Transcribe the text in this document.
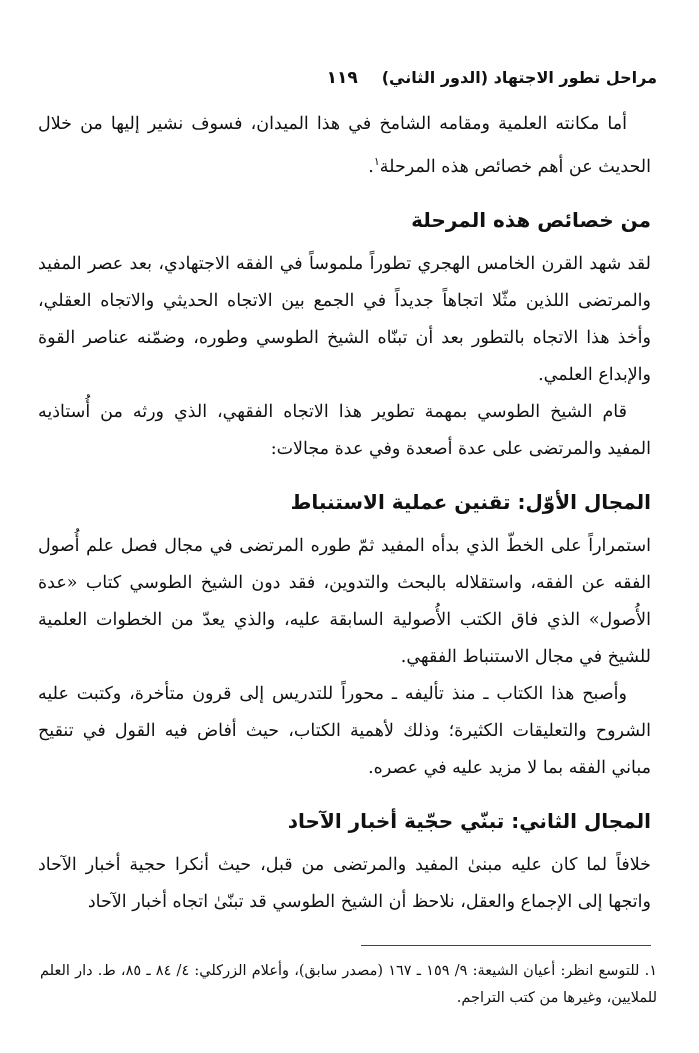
مراحل تطور الاجتهاد (الدور الثاني)
١١٩

أما مكانته العلمية ومقامه الشامخ في هذا الميدان، فسوف نشير إليها من خلال الحديث عن أهم خصائص هذه المرحلة$^١$.

من خصائص هذه المرحلة

لقد شهد القرن الخامس الهجري تطوراً ملموساً في الفقه الاجتهادي، بعد عصر المفيد والمرتضى اللذين مثّلا اتجاهاً جديداً في الجمع بين الاتجاه الحديثي والاتجاه العقلي، وأخذ هذا الاتجاه بالتطور بعد أن تبنّاه الشيخ الطوسي وطوره، وضمّنه عناصر القوة والإبداع العلمي.

قام الشيخ الطوسي بمهمة تطوير هذا الاتجاه الفقهي، الذي ورثه من أُستاذيه المفيد والمرتضى على عدة أصعدة وفي عدة مجالات:

المجال الأوّل: تقنين عملية الاستنباط

استمراراً على الخطّ الذي بدأه المفيد ثمّ طوره المرتضى في مجال فصل علم أُصول الفقه عن الفقه، واستقلاله بالبحث والتدوين، فقد دون الشيخ الطوسي كتاب «عدة الأُصول» الذي فاق الكتب الأُصولية السابقة عليه، والذي يعدّ من الخطوات العلمية للشيخ في مجال الاستنباط الفقهي.

وأصبح هذا الكتاب ـ منذ تأليفه ـ محوراً للتدريس إلى قرون متأخرة، وكتبت عليه الشروح والتعليقات الكثيرة؛ وذلك لأهمية الكتاب، حيث أفاض فيه القول في تنقيح مباني الفقه بما لا مزيد عليه في عصره.

المجال الثاني: تبنّي حجّية أخبار الآحاد

خلافاً لما كان عليه مبنىٰ المفيد والمرتضى من قبل، حيث أنكرا حجية أخبار الآحاد واتجها إلى الإجماع والعقل، نلاحظ أن الشيخ الطوسي قد تبنّىٰ اتجاه أخبار الآحاد

١. للتوسع انظر: أعيان الشيعة: ٩/ ١٥٩ ـ ١٦٧ (مصدر سابق)، وأعلام الزركلي: ٤/ ٨٤ ـ ٨٥، ط. دار العلم للملايين، وغيرها من كتب التراجم.
